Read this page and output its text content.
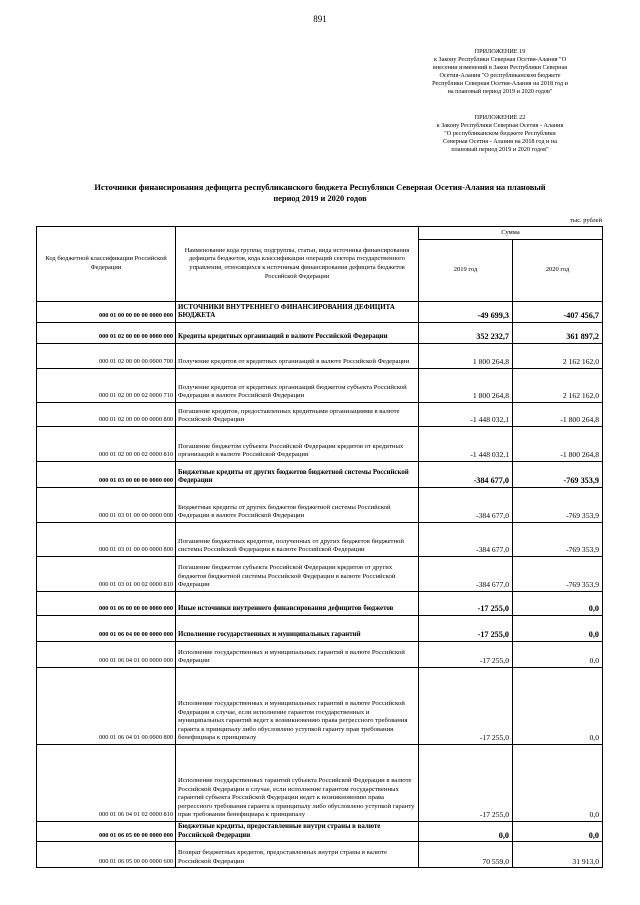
891
ПРИЛОЖЕНИЕ 19
к Закону Республики Северная Осетия-Алания "О
внесении изменений в Закон Республики Северная
Осетия-Алания "О республиканском бюджете
Республики Северная Осетия-Алания на 2018 год и
на плановый период 2019 и 2020 годов"
ПРИЛОЖЕНИЕ 22
к Закону Республики Северная Осетия - Алания
"О республиканском бюджете Республики
Северная Осетия - Алания на 2018 год и на
плановый период 2019 и 2020 годов"
Источники финансирования дефицита республиканского бюджета Республики Северная Осетия-Алания на плановый
период 2019 и 2020 годов
тыс. рублей
Код бюджетной классификации Российской Федерации	Наименование кода группы, подгруппы, статьи, вида источника финансирования дефицита бюджетов, кода классификации операций сектора государственного управления, относящихся к источникам финансирования дефицита бюджетов Российской Федерации	Сумма	
		2019 год	2020 год
000 01 00 00 00 00 0000 000	ИСТОЧНИКИ ВНУТРЕННЕГО ФИНАНСИРОВАНИЯ ДЕФИЦИТА БЮДЖЕТА	-49 699,3	-407 456,7
000 01 02 00 00 00 0000 000	Кредиты кредитных организаций в валюте Российской Федерации	352 232,7	361 897,2
000 01 02 00 00 00 0000 700	Получение кредитов от кредитных организаций в валюте Российской Федерации	1 800 264,8	2 162 162,0
000 01 02 00 00 02 0000 710	Получение кредитов от кредитных организаций бюджетом субъекта Российской Федерации в валюте Российской Федерации	1 800 264,8	2 162 162,0
000 01 02 00 00 00 0000 800	Погашение кредитов, предоставленных кредитными организациями в валюте Российской Федерации	-1 448 032,1	-1 800 264,8
000 01 02 00 00 02 0000 810	Погашение бюджетом субъекта Российской Федерации кредитов от кредитных организаций в валюте Российской Федерации	-1 448 032,1	-1 800 264,8
000 01 03 00 00 00 0000 000	Бюджетные кредиты от других бюджетов бюджетной системы Российской Федерации	-384 677,0	-769 353,9
000 01 03 01 00 00 0000 000	Бюджетные кредиты от других бюджетов бюджетной системы Российской Федерации в валюте Российской Федерации	-384 677,0	-769 353,9
000 01 03 01 00 00 0000 800	Погашение бюджетных кредитов, полученных от других бюджетов бюджетной системы Российской Федерации в валюте Российской Федерации	-384 677,0	-769 353,9
000 01 03 01 00 02 0000 810	Погашение бюджетом субъекта Российской Федерации кредитов от других бюджетов бюджетной системы Российской Федерации в валюте Российской Федерации	-384 677,0	-769 353,9
000 01 06 00 00 00 0000 000	Иные источники внутреннего финансирования дефицитов бюджетов	-17 255,0	0,0
000 01 06 04 00 00 0000 000	Исполнение государственных и муниципальных гарантий	-17 255,0	0,0
000 01 06 04 01 00 0000 000	Исполнение государственных и муниципальных гарантий в валюте Российской Федерации	-17 255,0	0,0
000 01 06 04 01 00 0000 800	Исполнение государственных и муниципальных гарантий в валюте Российской Федерации в случае, если исполнение гарантом государственных и муниципальных гарантий ведет к возникновению права регрессного требования гаранта к принципалу либо обусловлено уступкой гаранту прав требования бенефициара к принципалу	-17 255,0	0,0
000 01 06 04 01 02 0000 810	Исполнение государственных гарантий субъекта Российской Федерации в валюте Российской Федерации в случае, если исполнение гарантом государственных гарантий субъекта Российской Федерации ведет к возникновению права регрессного требования гаранта к принципалу либо обусловлено уступкой гаранту прав требования бенефициара к принципалу	-17 255,0	0,0
000 01 06 05 00 00 0000 000	Бюджетные кредиты, предоставленные внутри страны в валюте Российской Федерации	0,0	0,0
000 01 06 05 00 00 0000 600	Возврат бюджетных кредитов, предоставленных внутри страны в валюте Российской Федерации	70 559,0	31 913,0
